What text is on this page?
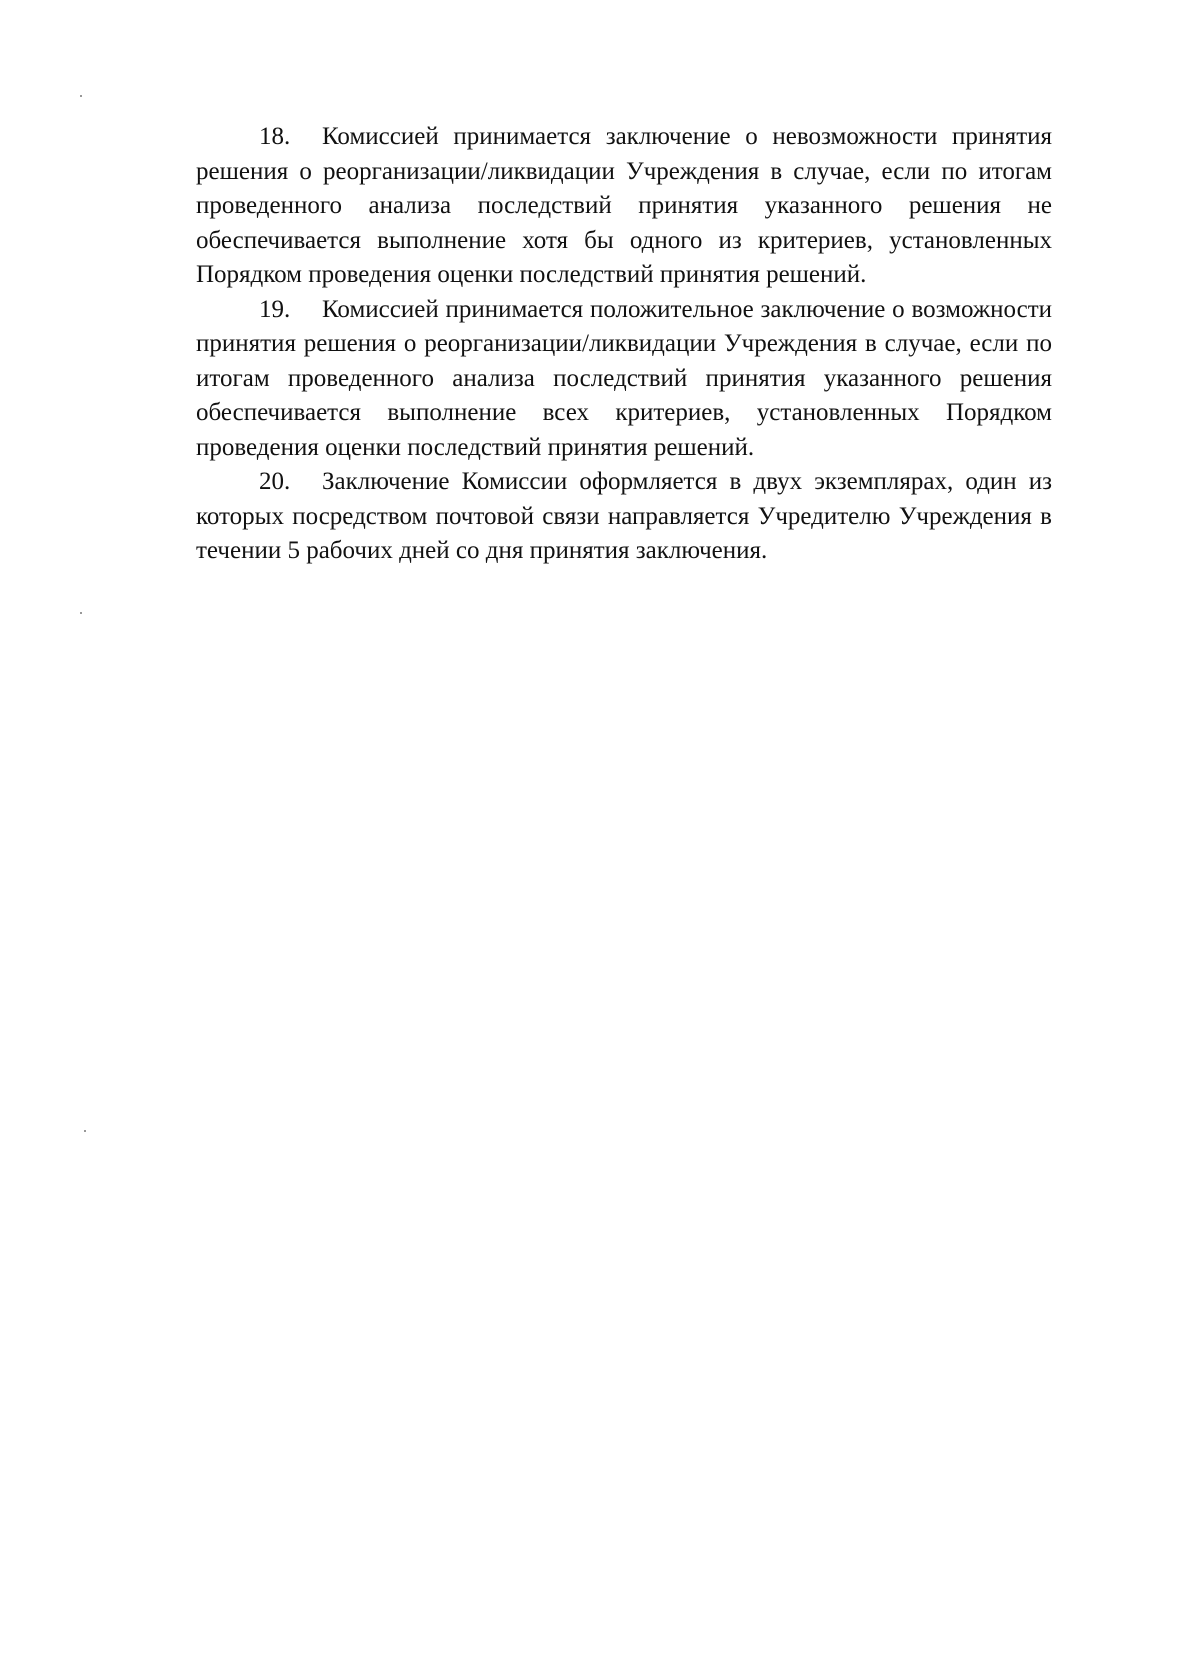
18. Комиссией принимается заключение о невозможности принятия решения о реорганизации/ликвидации Учреждения в случае, если по итогам проведенного анализа последствий принятия указанного решения не обеспечивается выполнение хотя бы одного из критериев, установленных Порядком проведения оценки последствий принятия решений.

19. Комиссией принимается положительное заключение о возможности принятия решения о реорганизации/ликвидации Учреждения в случае, если по итогам проведенного анализа последствий принятия указанного решения обеспечивается выполнение всех критериев, установленных Порядком проведения оценки последствий принятия решений.

20. Заключение Комиссии оформляется в двух экземплярах, один из которых посредством почтовой связи направляется Учредителю Учреждения в течении 5 рабочих дней со дня принятия заключения.
